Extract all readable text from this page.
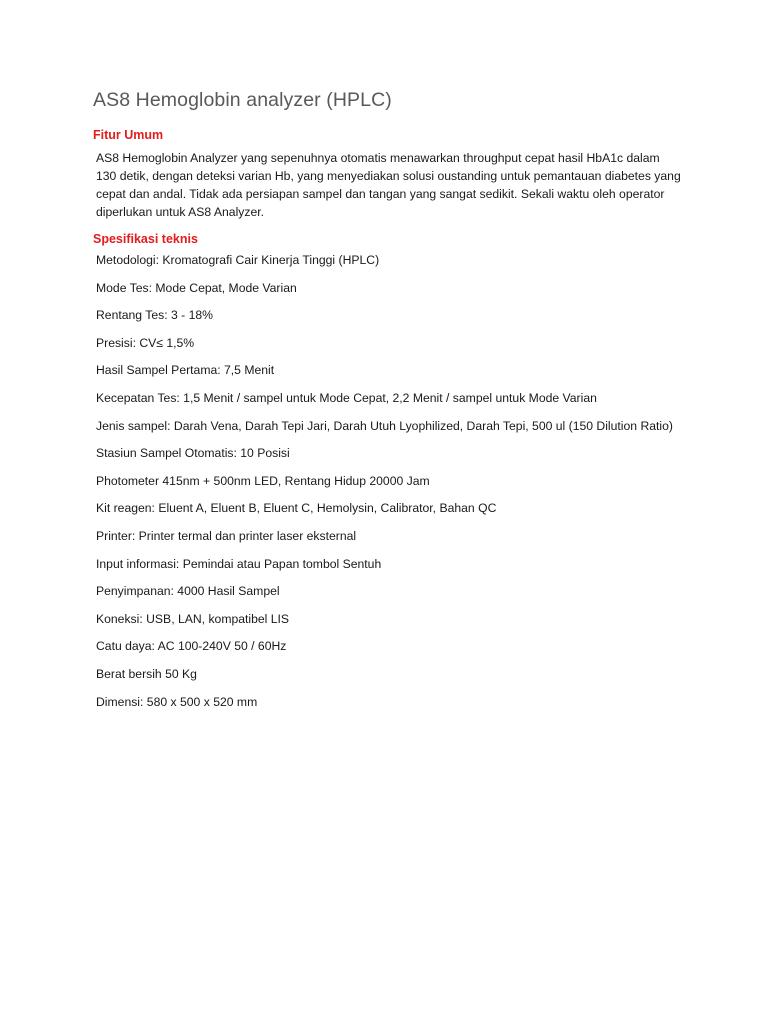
AS8 Hemoglobin analyzer (HPLC)
Fitur Umum

AS8 Hemoglobin Analyzer yang sepenuhnya otomatis menawarkan throughput cepat hasil HbA1c dalam 130 detik, dengan deteksi varian Hb, yang menyediakan solusi oustanding untuk pemantauan diabetes yang cepat dan andal. Tidak ada persiapan sampel dan tangan yang sangat sedikit. Sekali waktu oleh operator diperlukan untuk AS8 Analyzer.

Spesifikasi teknis
Metodologi: Kromatografi Cair Kinerja Tinggi (HPLC)
Mode Tes: Mode Cepat, Mode Varian
Rentang Tes: 3 - 18%
Presisi: CV≤ 1,5%
Hasil Sampel Pertama: 7,5 Menit
Kecepatan Tes: 1,5 Menit / sampel untuk Mode Cepat, 2,2 Menit / sampel untuk Mode Varian
Jenis sampel: Darah Vena, Darah Tepi Jari, Darah Utuh Lyophilized, Darah Tepi, 500 ul (150 Dilution Ratio)
Stasiun Sampel Otomatis: 10 Posisi
Photometer 415nm + 500nm LED, Rentang Hidup 20000 Jam
Kit reagen: Eluent A, Eluent B, Eluent C, Hemolysin, Calibrator, Bahan QC
Printer: Printer termal dan printer laser eksternal
Input informasi: Pemindai atau Papan tombol Sentuh
Penyimpanan: 4000 Hasil Sampel
Koneksi: USB, LAN, kompatibel LIS
Catu daya: AC 100-240V 50 / 60Hz
Berat bersih 50 Kg
Dimensi: 580 x 500 x 520 mm
